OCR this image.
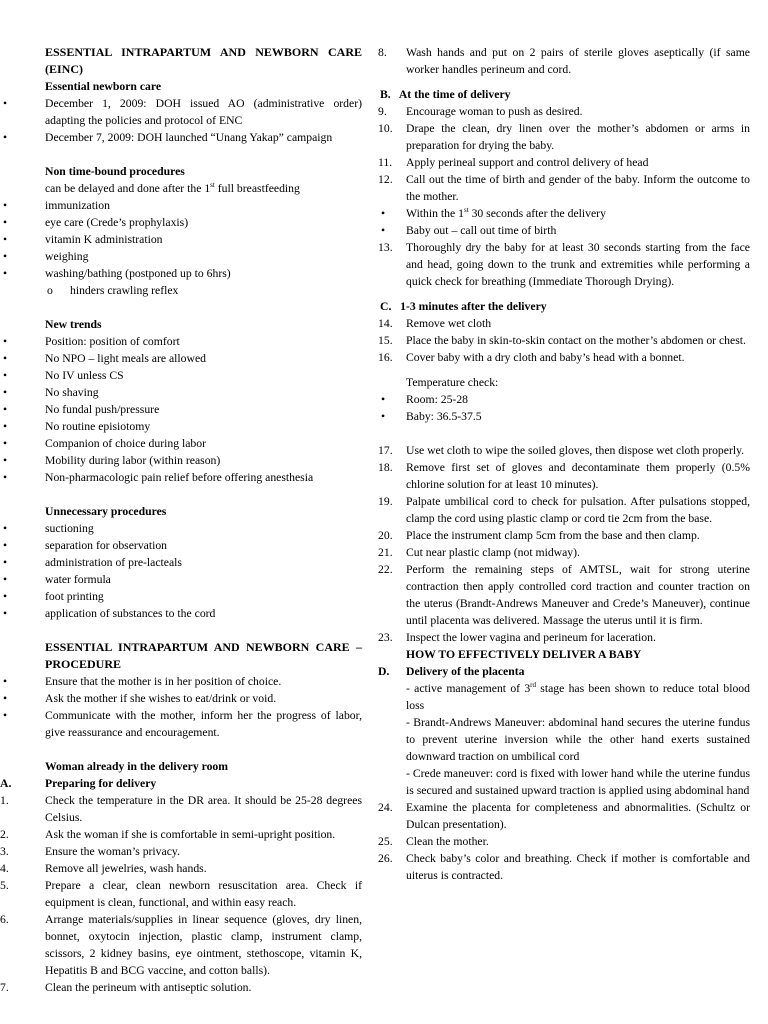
ESSENTIAL INTRAPARTUM AND NEWBORN CARE (EINC)
Essential newborn care
•	December 1, 2009: DOH issued AO (administrative order) adapting the policies and protocol of ENC
•	December 7, 2009: DOH launched “Unang Yakap” campaign
Non time-bound procedures
can be delayed and done after the 1st full breastfeeding
•	immunization
•	eye care (Crede’s prophylaxis)
•	vitamin K administration
•	weighing
•	washing/bathing (postponed up to 6hrs)
o hinders crawling reflex
New trends
•	Position: position of comfort
•	No NPO – light meals are allowed
•	No IV unless CS
•	No shaving
•	No fundal push/pressure
•	No routine episiotomy
•	Companion of choice during labor
•	Mobility during labor (within reason)
•	Non-pharmacologic pain relief before offering anesthesia
Unnecessary procedures
•	suctioning
•	separation for observation
•	administration of pre-lacteals
•	water formula
•	foot printing
•	application of substances to the cord
ESSENTIAL INTRAPARTUM AND NEWBORN CARE – PROCEDURE
•	Ensure that the mother is in her position of choice.
•	Ask the mother if she wishes to eat/drink or void.
•	Communicate with the mother, inform her the progress of labor, give reassurance and encouragement.
Woman already in the delivery room
A.	Preparing for delivery
1.	Check the temperature in the DR area. It should be 25-28 degrees Celsius.
2.	Ask the woman if she is comfortable in semi-upright position.
3.	Ensure the woman’s privacy.
4.	Remove all jewelries, wash hands.
5.	Prepare a clear, clean newborn resuscitation area. Check if equipment is clean, functional, and within easy reach.
6.	Arrange materials/supplies in linear sequence (gloves, dry linen, bonnet, oxytocin injection, plastic clamp, instrument clamp, scissors, 2 kidney basins, eye ointment, stethoscope, vitamin K, Hepatitis B and BCG vaccine, and cotton balls).
7.	Clean the perineum with antiseptic solution.
8.	Wash hands and put on 2 pairs of sterile gloves aseptically (if same worker handles perineum and cord.
B.   At the time of delivery
9.	Encourage woman to push as desired.
10.	Drape the clean, dry linen over the mother’s abdomen or arms in preparation for drying the baby.
11.	Apply perineal support and control delivery of head
12.	Call out the time of birth and gender of the baby. Inform the outcome to the mother.
•	Within the 1st 30 seconds after the delivery
•	Baby out – call out time of birth
13.	Thoroughly dry the baby for at least 30 seconds starting from the face and head, going down to the trunk and extremities while performing a quick check for breathing (Immediate Thorough Drying).
C.   1-3 minutes after the delivery
14.	Remove wet cloth
15.	Place the baby in skin-to-skin contact on the mother’s abdomen or chest.
16.	Cover baby with a dry cloth and baby’s head with a bonnet.
Temperature check:
•	Room: 25-28
•	Baby: 36.5-37.5
17.	Use wet cloth to wipe the soiled gloves, then dispose wet cloth properly.
18.	Remove first set of gloves and decontaminate them properly (0.5% chlorine solution for at least 10 minutes).
19.	Palpate umbilical cord to check for pulsation. After pulsations stopped, clamp the cord using plastic clamp or cord tie 2cm from the base.
20.	Place the instrument clamp 5cm from the base and then clamp.
21.	Cut near plastic clamp (not midway).
22.	Perform the remaining steps of AMTSL, wait for strong uterine contraction then apply controlled cord traction and counter traction on the uterus (Brandt-Andrews Maneuver and Crede’s Maneuver), continue until placenta was delivered. Massage the uterus until it is firm.
23.	Inspect the lower vagina and perineum for laceration.
HOW TO EFFECTIVELY DELIVER A BABY
D.	Delivery of the placenta
- active management of 3rd stage has been shown to reduce total blood loss
- Brandt-Andrews Maneuver: abdominal hand secures the uterine fundus to prevent uterine inversion while the other hand exerts sustained downward traction on umbilical cord
- Crede maneuver: cord is fixed with lower hand while the uterine fundus is secured and sustained upward traction is applied using abdominal hand
24.	Examine the placenta for completeness and abnormalities. (Schultz or Dulcan presentation).
25.	Clean the mother.
26.	Check baby’s color and breathing. Check if mother is comfortable and uiterus is contracted.
